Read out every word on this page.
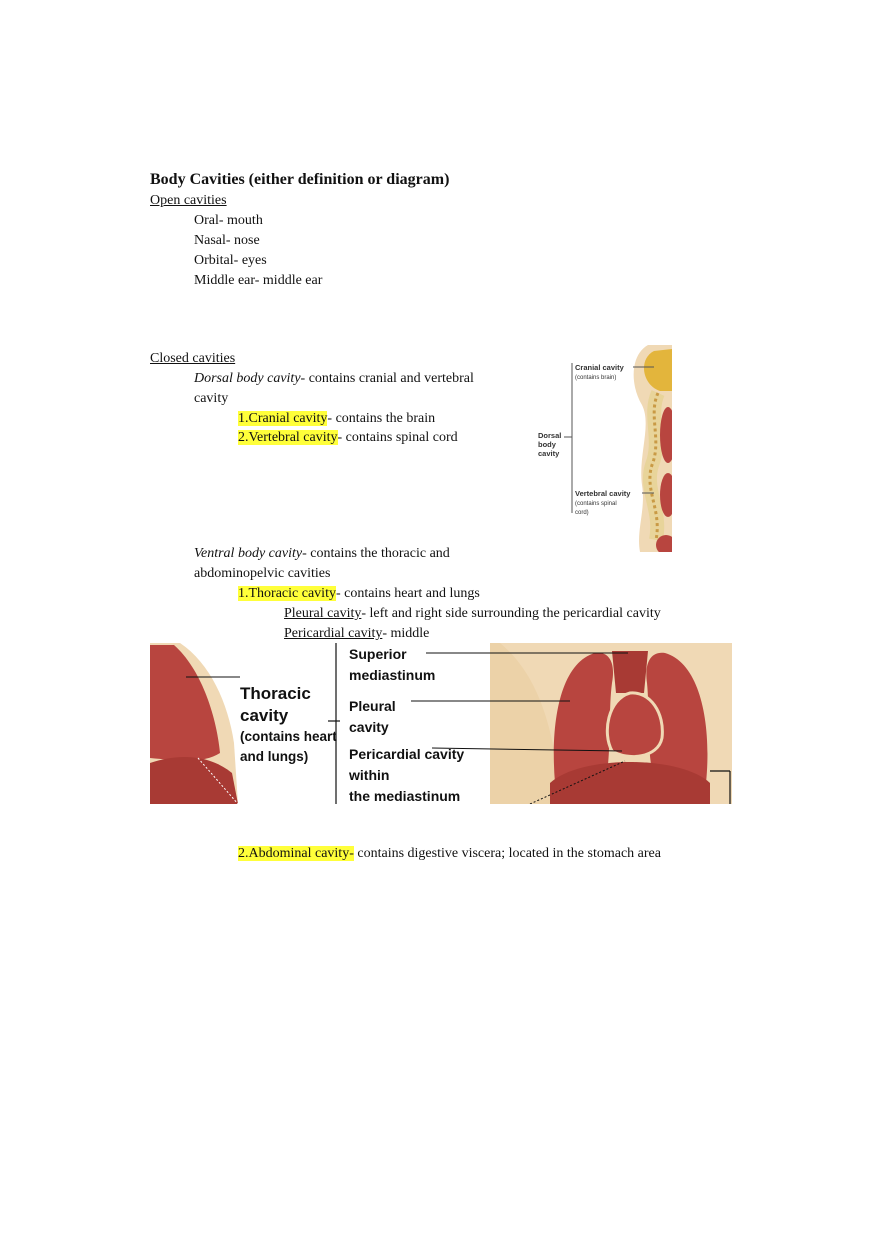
Body Cavities (either definition or diagram)
Open cavities
Oral- mouth
Nasal- nose
Orbital- eyes
Middle ear- middle ear
Closed cavities
Dorsal body cavity- contains cranial and vertebral
cavity
1.Cranial cavity- contains the brain
2.Vertebral cavity- contains spinal cord
Cranial cavity
(contains brain)
Dorsal
body
cavity
Vertebral cavity
(contains spinal
cord)
Ventral body cavity- contains the thoracic and
abdominopelvic cavities
1.Thoracic cavity- contains heart and lungs
Pleural cavity- left and right side surrounding the pericardial cavity
Pericardial cavity- middle
Thoracic
cavity
(contains heart
and lungs)
Superior
mediastinum
Pleural
cavity
Pericardial cavity
within
the mediastinum
2.Abdominal cavity- contains digestive viscera; located in the stomach area
